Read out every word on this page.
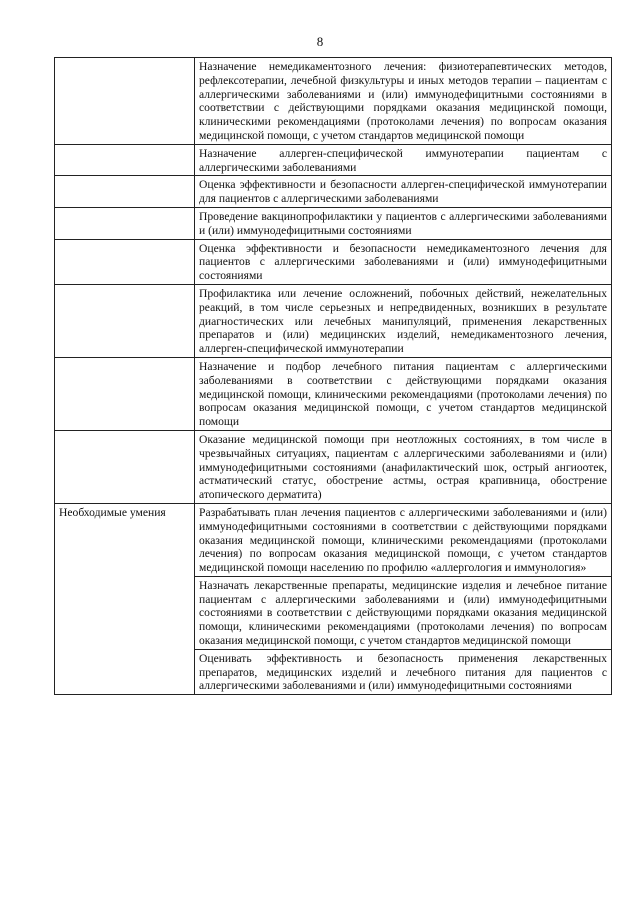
8
	Назначение немедикаментозного лечения: физиотерапевтических методов, рефлексотерапии, лечебной физкультуры и иных методов терапии – пациентам с аллергическими заболеваниями и (или) иммунодефицитными состояниями в соответствии с действующими порядками оказания медицинской помощи, клиническими рекомендациями (протоколами лечения) по вопросам оказания медицинской помощи, с учетом стандартов медицинской помощи
	Назначение аллерген-специфической иммунотерапии пациентам с аллергическими заболеваниями
	Оценка эффективности и безопасности аллерген-специфической иммунотерапии для пациентов с аллергическими заболеваниями
	Проведение вакцинопрофилактики у пациентов с аллергическими заболеваниями и (или) иммунодефицитными состояниями
	Оценка эффективности и безопасности немедикаментозного лечения для пациентов с аллергическими заболеваниями и (или) иммунодефицитными состояниями
	Профилактика или лечение осложнений, побочных действий, нежелательных реакций, в том числе серьезных и непредвиденных, возникших в результате диагностических или лечебных манипуляций, применения лекарственных препаратов и (или) медицинских изделий, немедикаментозного лечения, аллерген-специфической иммунотерапии
	Назначение и подбор лечебного питания пациентам с аллергическими заболеваниями в соответствии с действующими порядками оказания медицинской помощи, клиническими рекомендациями (протоколами лечения) по вопросам оказания медицинской помощи, с учетом стандартов медицинской помощи
	Оказание медицинской помощи при неотложных состояниях, в том числе в чрезвычайных ситуациях, пациентам с аллергическими заболеваниями и (или) иммунодефицитными состояниями (анафилактический шок, острый ангиоотек, астматический статус, обострение астмы, острая крапивница, обострение атопического дерматита)
Необходимые умения	Разрабатывать план лечения пациентов с аллергическими заболеваниями и (или) иммунодефицитными состояниями в соответствии с действующими порядками оказания медицинской помощи, клиническими рекомендациями (протоколами лечения) по вопросам оказания медицинской помощи, с учетом стандартов медицинской помощи населению по профилю «аллергология и иммунология»
	Назначать лекарственные препараты, медицинские изделия и лечебное питание пациентам с аллергическими заболеваниями и (или) иммунодефицитными состояниями в соответствии с действующими порядками оказания медицинской помощи, клиническими рекомендациями (протоколами лечения) по вопросам оказания медицинской помощи, с учетом стандартов медицинской помощи
	Оценивать эффективность и безопасность применения лекарственных препаратов, медицинских изделий и лечебного питания для пациентов с аллергическими заболеваниями и (или) иммунодефицитными состояниями
